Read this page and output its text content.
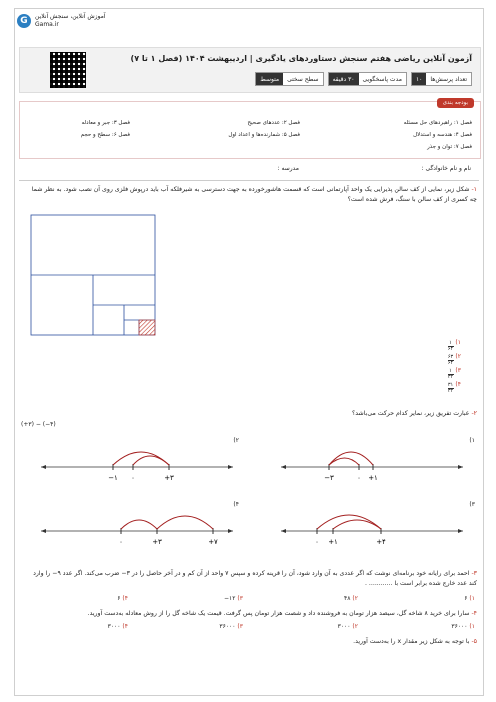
G	آموزش آنلاین، سنجش آنلاین
Gama.ir
آزمون آنلاین ریاضی هفتم سنجش دستاوردهای یادگیری | اردیبهشت ۱۴۰۴ (فصل ۱ تا ۷)
تعداد پرسش‌ها
۱۰
مدت پاسخگویی
۳۰ دقیقه
سطح سختی
متوسط
بودجه بندی
فصل ۱: راهبردهای حل مسئله
فصل ۲: عددهای صحیح
فصل ۳: جبر و معادله
فصل ۴: هندسه و استدلال
فصل ۵: شمارنده‌ها و اعداد اول
فصل ۶: سطح و حجم
فصل ۷: توان و جذر
نام و نام خانوادگی :
مدرسه :
۱- شکل زیر، نمایی از کف سالن پذیرایی یک واحد آپارتمانی است که قسمت هاشورخورده به جهت دسترسی به شیرفلکه آب باید درپوش فلزی روی آن نصب شود. به نظر شما چه کسری از کف سالن با سنگ، فرش شده است؟
۱)
$\frac{۱}{۶۴}$
۲)
$\frac{۶۳}{۶۴}$
۳)
$\frac{۱}{۳۲}$
۴)
$\frac{۳۱}{۳۲}$
۲- عبارت تفریق زیر، نمایر کدام حرکت می‌باشد؟
(+۳) − (−۴)
۱)
۲)
۳)
۴)
−۳	۰ +۱
−۱ ۰	+۳
۰ +۱	+۴
۰	+۳	+۷
۳- احمد برای رایانه خود برنامه‌ای نوشت که اگر عددی به آن وارد شود، آن را قرینه کرده و سپس ۷ واحد از آن کم و در آخر حاصل را در ۳− ضرب می‌کند. اگر عدد ۹− را وارد کند عدد خارج شده برابر است با ............ .
۱) ۶
۲) ۴۸
۳) ۱۲−
۴) ۶
۴- سارا برای خرید ۸ شاخه گل، سیصد هزار تومان به فروشنده داد و شصت هزار تومان پس گرفت. قیمت یک شاخه گل را از روش معادله به‌دست آورید.
۱) ۳۶۰۰۰
۲) ۳۰۰۰
۳) ۳۶۰۰۰
۴) ۳۰۰۰
۵- با توجه به شکل زیر مقدار x را به‌دست آورید.
